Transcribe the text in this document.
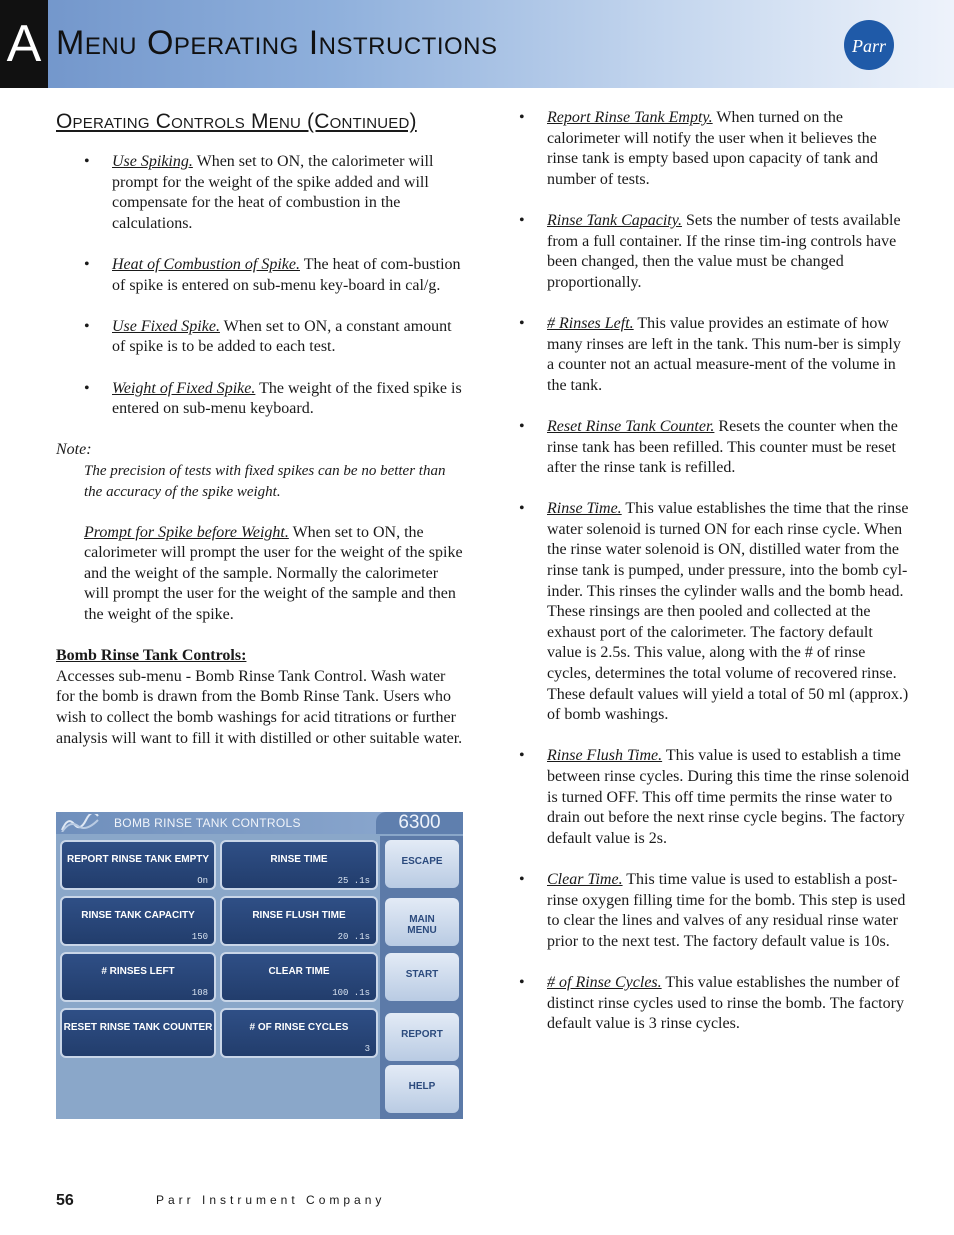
A Menu Operating Instructions	Parr
Operating Controls Menu (Continued)
• Use Spiking. When set to ON, the calorimeter will prompt for the weight of the spike added and will compensate for the heat of combustion in the calculations.
• Heat of Combustion of Spike. The heat of com-bustion of spike is entered on sub-menu key-board in cal/g.
• Use Fixed Spike. When set to ON, a constant amount of spike is to be added to each test.
• Weight of Fixed Spike. The weight of the fixed spike is entered on sub-menu keyboard.
Note:
The precision of tests with fixed spikes can be no better than the accuracy of the spike weight.
Prompt for Spike before Weight. When set to ON, the calorimeter will prompt the user for the weight of the spike and the weight of the sample. Normally the calorimeter will prompt the user for the weight of the sample and then the weight of the spike.
Bomb Rinse Tank Controls:
Accesses sub-menu - Bomb Rinse Tank Control. Wash water for the bomb is drawn from the Bomb Rinse Tank. Users who wish to collect the bomb washings for acid titrations or further analysis will want to fill it with distilled or other suitable water.
BOMB RINSE TANK CONTROLS	6300
REPORT RINSE TANK EMPTY
On
RINSE TIME
25 .1s
RINSE TANK CAPACITY
150
RINSE FLUSH TIME
20 .1s
# RINSES LEFT
108
CLEAR TIME
100 .1s
RESET RINSE TANK COUNTER	# OF RINSE CYCLES
3
ESCAPE
MAIN MENU
START
REPORT
HELP
• Report Rinse Tank Empty. When turned on the calorimeter will notify the user when it believes the rinse tank is empty based upon capacity of tank and number of tests.
• Rinse Tank Capacity. Sets the number of tests available from a full container. If the rinse tim-ing controls have been changed, then the value must be changed proportionally.
• # Rinses Left. This value provides an estimate of how many rinses are left in the tank. This num-ber is simply a counter not an actual measure-ment of the volume in the tank.
• Reset Rinse Tank Counter. Resets the counter when the rinse tank has been refilled. This counter must be reset after the rinse tank is refilled.
• Rinse Time. This value establishes the time that the rinse water solenoid is turned ON for each rinse cycle. When the rinse water solenoid is ON, distilled water from the rinse tank is pumped, under pressure, into the bomb cyl-inder. This rinses the cylinder walls and the bomb head. These rinsings are then pooled and collected at the exhaust port of the calorimeter. The factory default value is 2.5s. This value, along with the # of rinse cycles, determines the total volume of recovered rinse. These default values will yield a total of 50 ml (approx.) of bomb washings.
• Rinse Flush Time. This value is used to establish a time between rinse cycles. During this time the rinse solenoid is turned OFF. This off time permits the rinse water to drain out before the next rinse cycle begins. The factory default value is 2s.
• Clear Time. This time value is used to establish a post-rinse oxygen filling time for the bomb. This step is used to clear the lines and valves of any residual rinse water prior to the next test. The factory default value is 10s.
• # of Rinse Cycles. This value establishes the number of distinct rinse cycles used to rinse the bomb. The factory default value is 3 rinse cycles.
56	Parr Instrument Company
